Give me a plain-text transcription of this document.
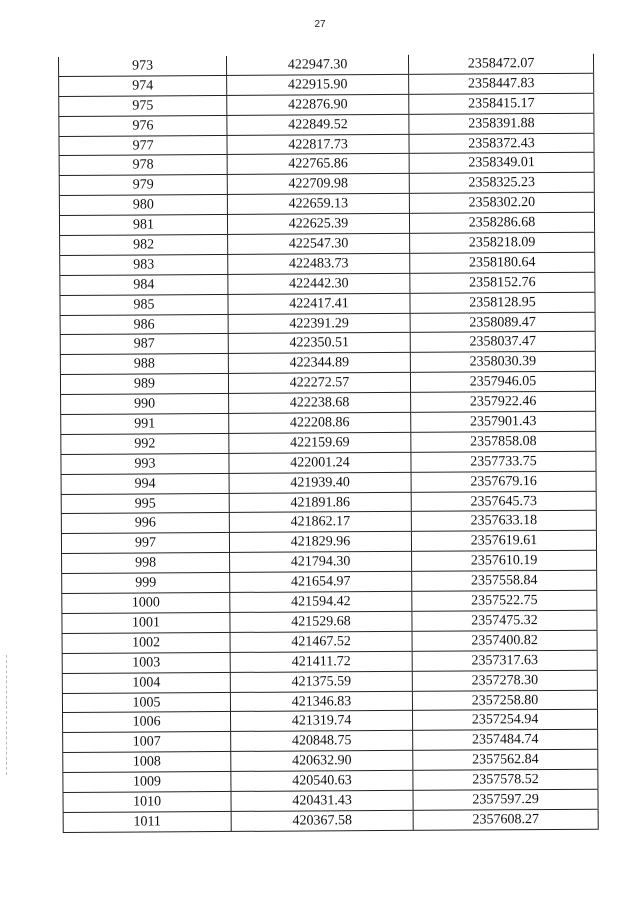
27
973	422947.30	2358472.07
974	422915.90	2358447.83
975	422876.90	2358415.17
976	422849.52	2358391.88
977	422817.73	2358372.43
978	422765.86	2358349.01
979	422709.98	2358325.23
980	422659.13	2358302.20
981	422625.39	2358286.68
982	422547.30	2358218.09
983	422483.73	2358180.64
984	422442.30	2358152.76
985	422417.41	2358128.95
986	422391.29	2358089.47
987	422350.51	2358037.47
988	422344.89	2358030.39
989	422272.57	2357946.05
990	422238.68	2357922.46
991	422208.86	2357901.43
992	422159.69	2357858.08
993	422001.24	2357733.75
994	421939.40	2357679.16
995	421891.86	2357645.73
996	421862.17	2357633.18
997	421829.96	2357619.61
998	421794.30	2357610.19
999	421654.97	2357558.84
1000	421594.42	2357522.75
1001	421529.68	2357475.32
1002	421467.52	2357400.82
1003	421411.72	2357317.63
1004	421375.59	2357278.30
1005	421346.83	2357258.80
1006	421319.74	2357254.94
1007	420848.75	2357484.74
1008	420632.90	2357562.84
1009	420540.63	2357578.52
1010	420431.43	2357597.29
1011	420367.58	2357608.27
